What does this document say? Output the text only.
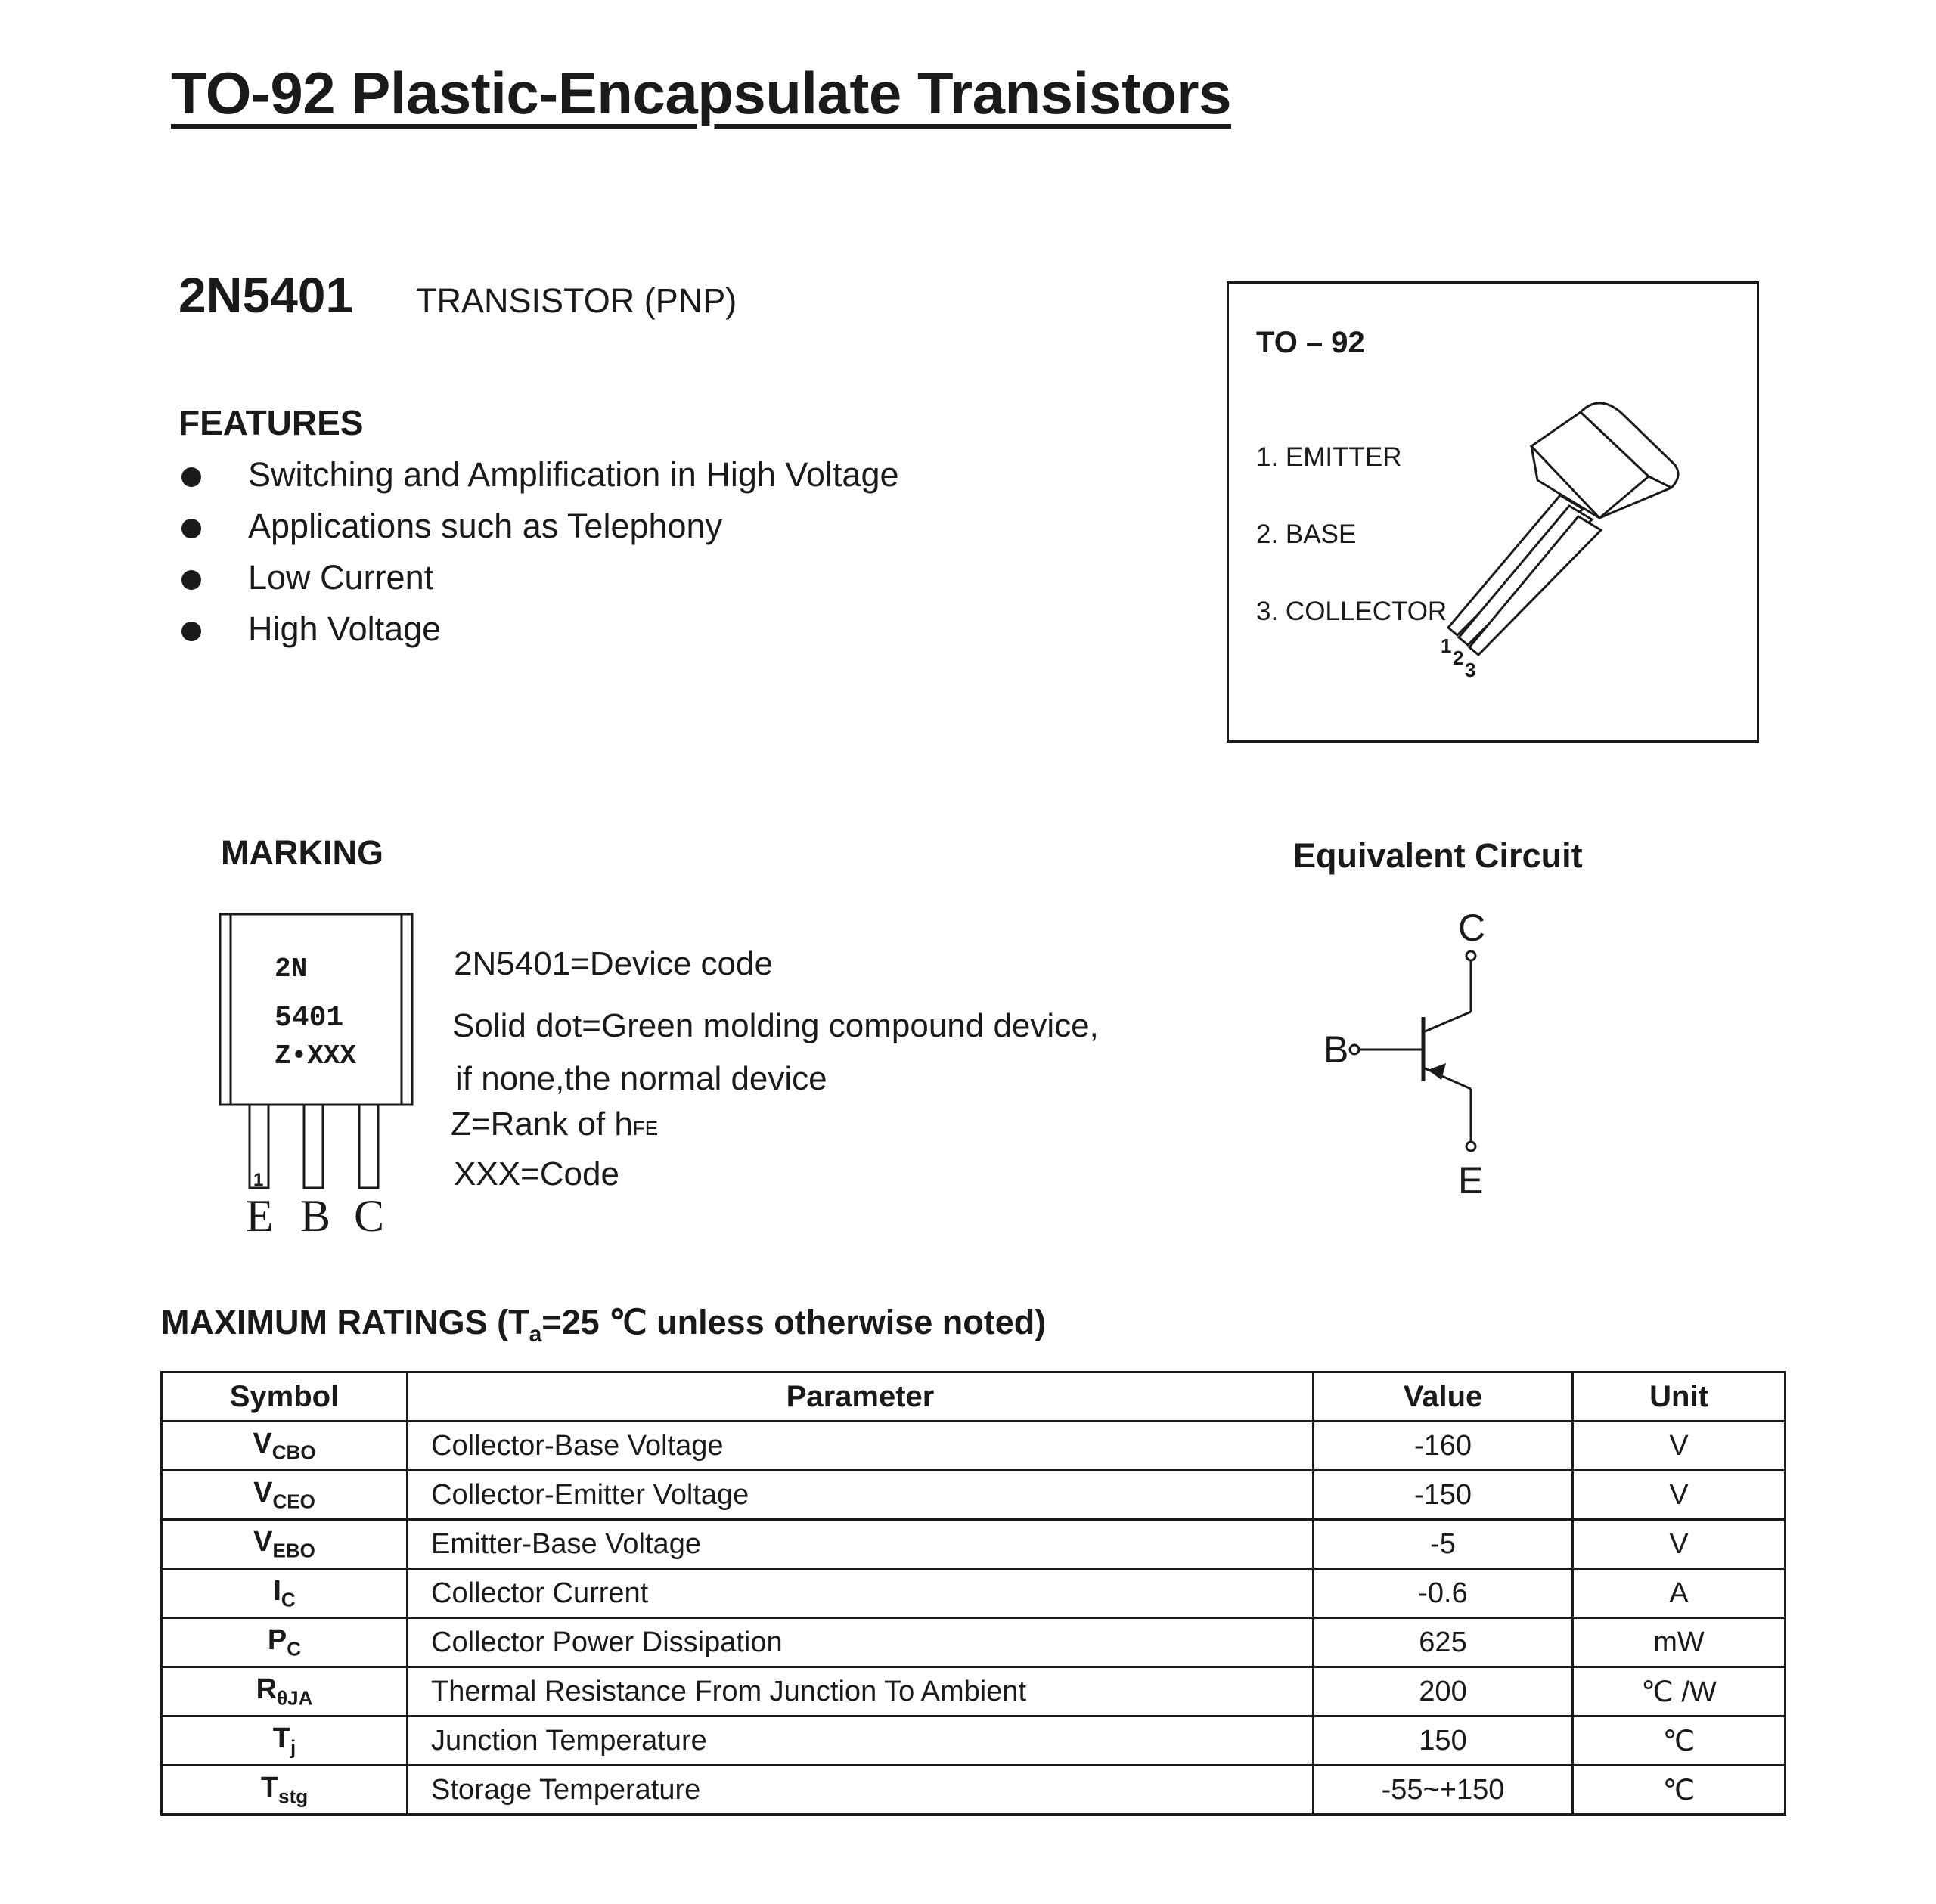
TO-92 Plastic-Encapsulate Transistors
2N5401 TRANSISTOR (PNP)
FEATURES
Switching and Amplification in High Voltage
Applications such as Telephony
Low Current
High Voltage
TO – 92
1. EMITTER
2. BASE
3. COLLECTOR
1
2
3
MARKING	Equivalent Circuit
2N
5401
Z•XXX
1
E B C
2N5401=Device code
Solid dot=Green molding compound device,
if none,the normal device
Z=Rank of hFE
XXX=Code
C
B
E
MAXIMUM RATINGS ($T_a=25$ ℃ unless otherwise noted)
Symbol	Parameter	Value	Unit
$V_{CBO}$	Collector-Base Voltage	-160	V
$V_{CEO}$	Collector-Emitter Voltage	-150	V
$V_{EBO}$	Emitter-Base Voltage	-5	V
$I_C$	Collector Current	-0.6	A
$P_C$	Collector Power Dissipation	625	mW
$R_{\theta JA}$	Thermal Resistance From Junction To Ambient	200	℃ /W
$T_j$	Junction Temperature	150	℃
$T_{stg}$	Storage Temperature	-55~+150	℃
